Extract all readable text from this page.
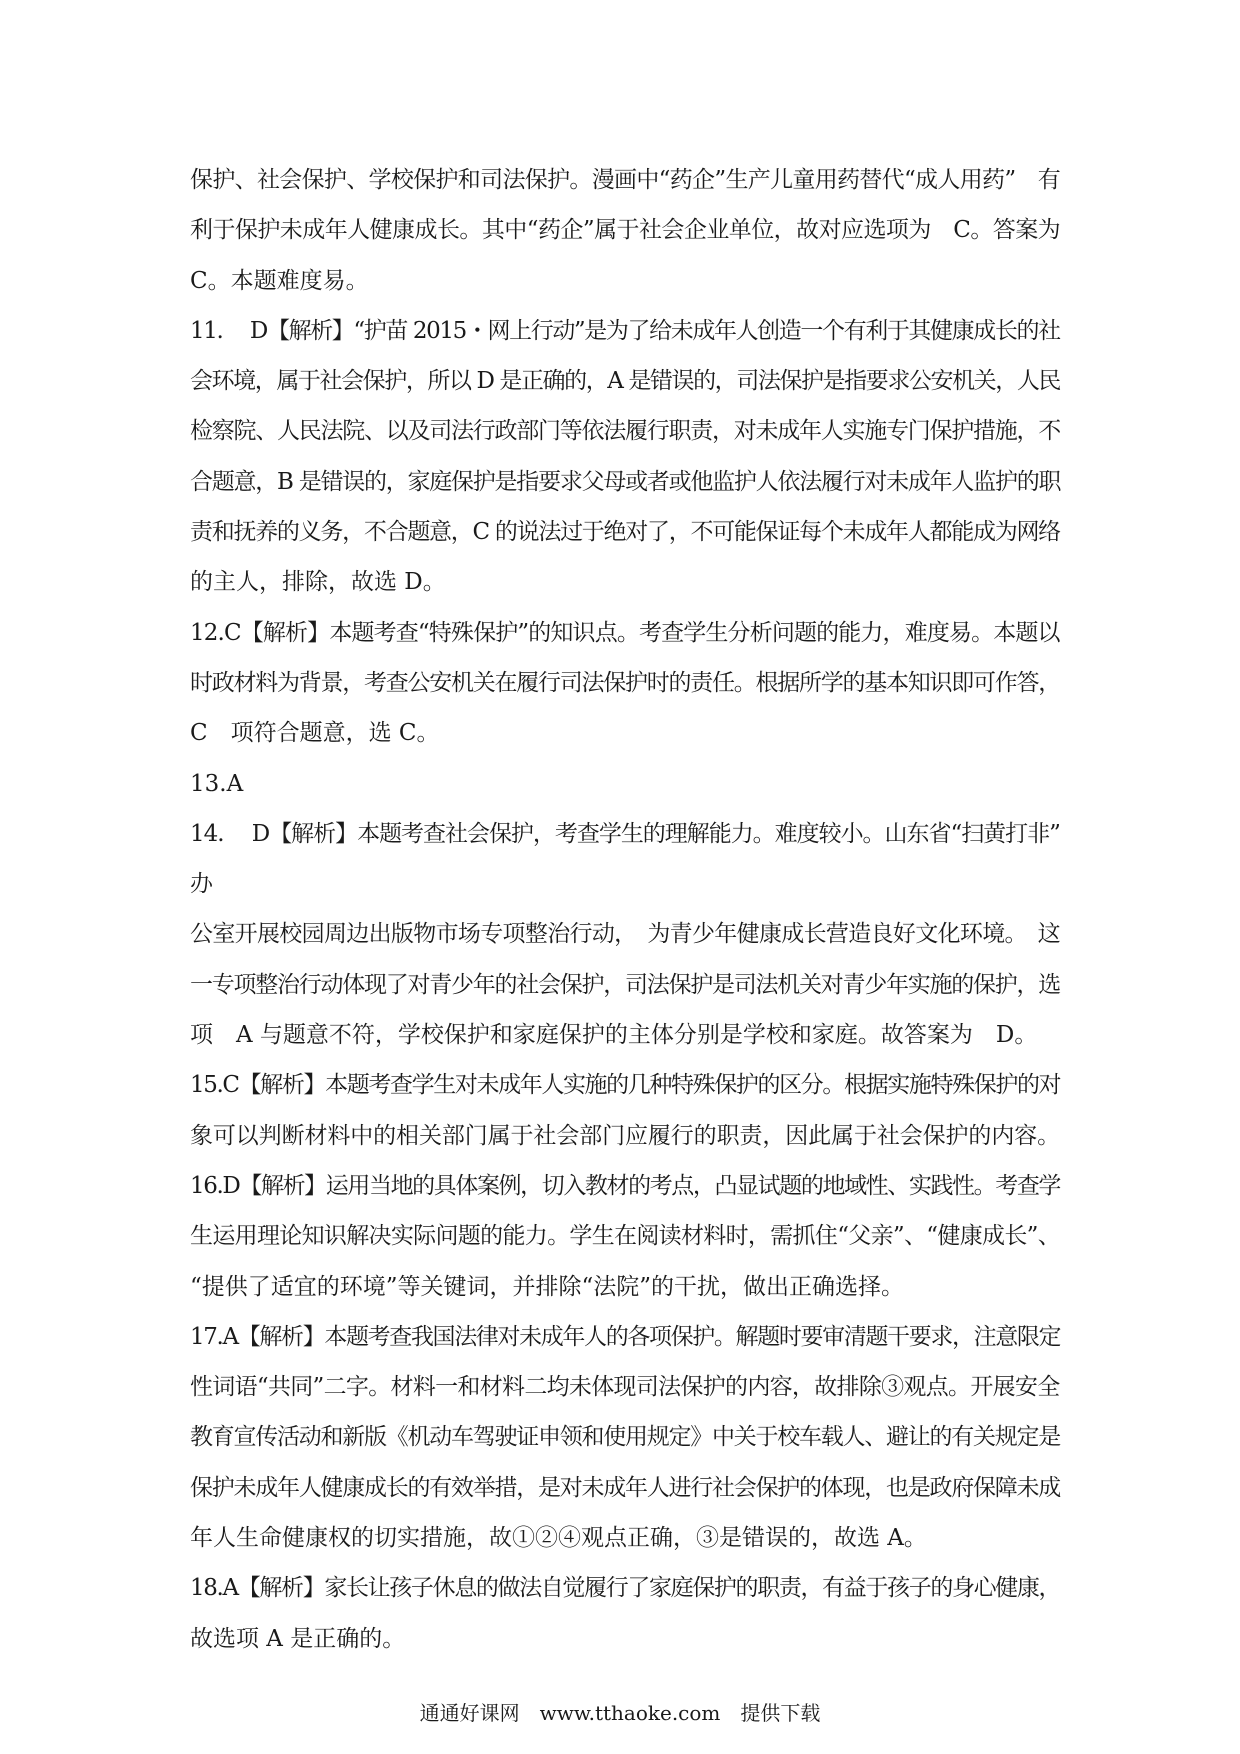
保护、社会保护、学校保护和司法保护。漫画中“药企”生产儿童用药替代“成人用药”　有
利于保护未成年人健康成长。其中“药企”属于社会企业单位，故对应选项为　C。答案为
C。本题难度易。
11.　 D【解析】“护苗 2015・网上行动”是为了给未成年人创造一个有利于其健康成长的社
会环境，属于社会保护，所以 D 是正确的，A 是错误的，司法保护是指要求公安机关，人民
检察院、人民法院、以及司法行政部门等依法履行职责，对未成年人实施专门保护措施，不
合题意，B 是错误的，家庭保护是指要求父母或者或他监护人依法履行对未成年人监护的职
责和抚养的义务，不合题意，C 的说法过于绝对了，不可能保证每个未成年人都能成为网络
的主人，排除，故选 D。
12.C【解析】本题考查“特殊保护”的知识点。考查学生分析问题的能力，难度易。本题以
时政材料为背景，考查公安机关在履行司法保护时的责任。根据所学的基本知识即可作答，
C　项符合题意，选 C。
13.A
14.　 D【解析】本题考查社会保护，考查学生的理解能力。难度较小。山东省“扫黄打非”
办
公室开展校园周边出版物市场专项整治行动，　为青少年健康成长营造良好文化环境。　这
一专项整治行动体现了对青少年的社会保护，司法保护是司法机关对青少年实施的保护，选
项　A 与题意不符，学校保护和家庭保护的主体分别是学校和家庭。故答案为　D。
15.C【解析】本题考查学生对未成年人实施的几种特殊保护的区分。根据实施特殊保护的对
象可以判断材料中的相关部门属于社会部门应履行的职责，因此属于社会保护的内容。
16.D【解析】运用当地的具体案例，切入教材的考点，凸显试题的地域性、实践性。考查学
生运用理论知识解决实际问题的能力。学生在阅读材料时，需抓住“父亲”、“健康成长”、
“提供了适宜的环境”等关键词，并排除“法院”的干扰，做出正确选择。
17.A【解析】本题考查我国法律对未成年人的各项保护。解题时要审清题干要求，注意限定
性词语“共同”二字。材料一和材料二均未体现司法保护的内容，故排除③观点。开展安全
教育宣传活动和新版《机动车驾驶证申领和使用规定》中关于校车载人、避让的有关规定是
保护未成年人健康成长的有效举措，是对未成年人进行社会保护的体现，也是政府保障未成
年人生命健康权的切实措施，故①②④观点正确，③是错误的，故选 A。
18.A【解析】家长让孩子休息的做法自觉履行了家庭保护的职责，有益于孩子的身心健康，
故选项 A 是正确的。
通通好课网　www.tthaoke.com　提供下载
